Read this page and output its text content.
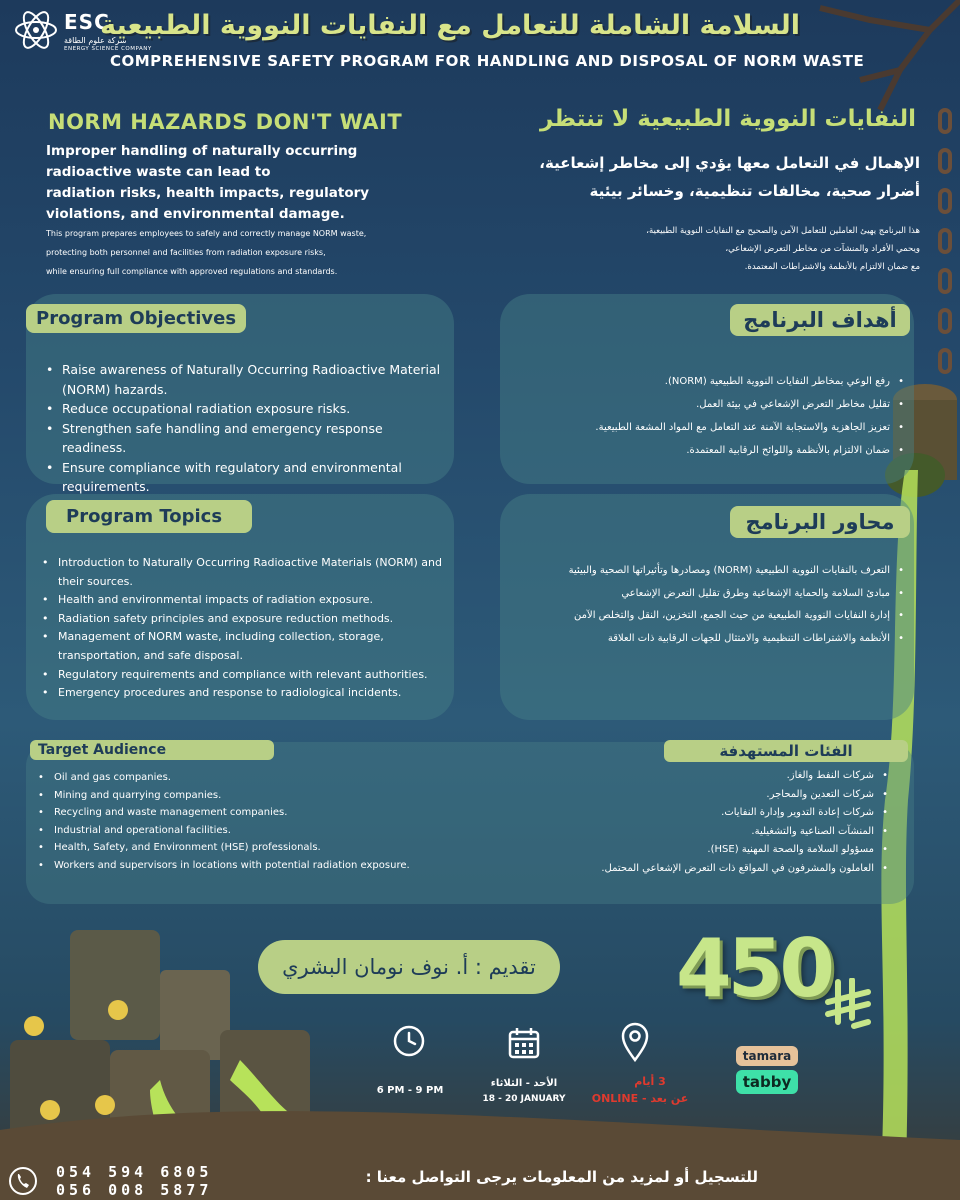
ESC
شركة علوم الطاقة
ENERGY SCIENCE COMPANY
السلامة الشاملة للتعامل مع النفايات النووية الطبيعية
COMPREHENSIVE SAFETY PROGRAM FOR HANDLING AND DISPOSAL OF NORM WASTE
NORM HAZARDS DON'T WAIT
Improper handling of naturally occurring radioactive waste can lead to
radiation risks, health impacts, regulatory violations, and environmental damage.
This program prepares employees to safely and correctly manage NORM waste,
protecting both personnel and facilities from radiation exposure risks,
while ensuring full compliance with approved regulations and standards.
النفايات النووية الطبيعية لا تنتظر
الإهمال في التعامل معها يؤدي إلى مخاطر إشعاعية،
أضرار صحية، مخالفات تنظيمية، وخسائر بيئية
هذا البرنامج يهيئ العاملين للتعامل الآمن والصحيح مع النفايات النووية الطبيعية،
ويحمي الأفراد والمنشآت من مخاطر التعرض الإشعاعي،
مع ضمان الالتزام بالأنظمة والاشتراطات المعتمدة.
Program Objectives
• Raise awareness of Naturally Occurring Radioactive Material (NORM) hazards.
• Reduce occupational radiation exposure risks.
• Strengthen safe handling and emergency response readiness.
• Ensure compliance with regulatory and environmental requirements.
أهداف البرنامج
• رفع الوعي بمخاطر النفايات النووية الطبيعية (NORM).
• تقليل مخاطر التعرض الإشعاعي في بيئة العمل.
• تعزيز الجاهزية والاستجابة الآمنة عند التعامل مع المواد المشعة الطبيعية.
• ضمان الالتزام بالأنظمة واللوائح الرقابية المعتمدة.
Program Topics
• Introduction to Naturally Occurring Radioactive Materials (NORM) and their sources.
• Health and environmental impacts of radiation exposure.
• Radiation safety principles and exposure reduction methods.
• Management of NORM waste, including collection, storage, transportation, and safe disposal.
• Regulatory requirements and compliance with relevant authorities.
• Emergency procedures and response to radiological incidents.
محاور البرنامج
• التعرف بالنفايات النووية الطبيعية (NORM) ومصادرها وتأثيراتها الصحية والبيئية
• مبادئ السلامة والحماية الإشعاعية وطرق تقليل التعرض الإشعاعي
• إدارة النفايات النووية الطبيعية من حيث الجمع، التخزين، النقل والتخلص الآمن
• الأنظمة والاشتراطات التنظيمية والامتثال للجهات الرقابية ذات العلاقة
Target Audience	الفئات المستهدفة
• Oil and gas companies.
• Mining and quarrying companies.
• Recycling and waste management companies.
• Industrial and operational facilities.
• Health, Safety, and Environment (HSE) professionals.
• Workers and supervisors in locations with potential radiation exposure.
• شركات النفط والغاز.
• شركات التعدين والمحاجر.
• شركات إعادة التدوير وإدارة النفايات.
• المنشآت الصناعية والتشغيلية.
• مسؤولو السلامة والصحة المهنية (HSE).
• العاملون والمشرفون في المواقع ذات التعرض الإشعاعي المحتمل.
تقديم : أ. نوف نومان البشري	450
6 PM - 9 PM
الأحد - الثلاثاء
18 - 20 JANUARY
3 أيام
ONLINE - عن بعد
tamara
tabby
054 594 6805
056 008 5877
للتسجيل أو لمزيد من المعلومات يرجى التواصل معنا :
